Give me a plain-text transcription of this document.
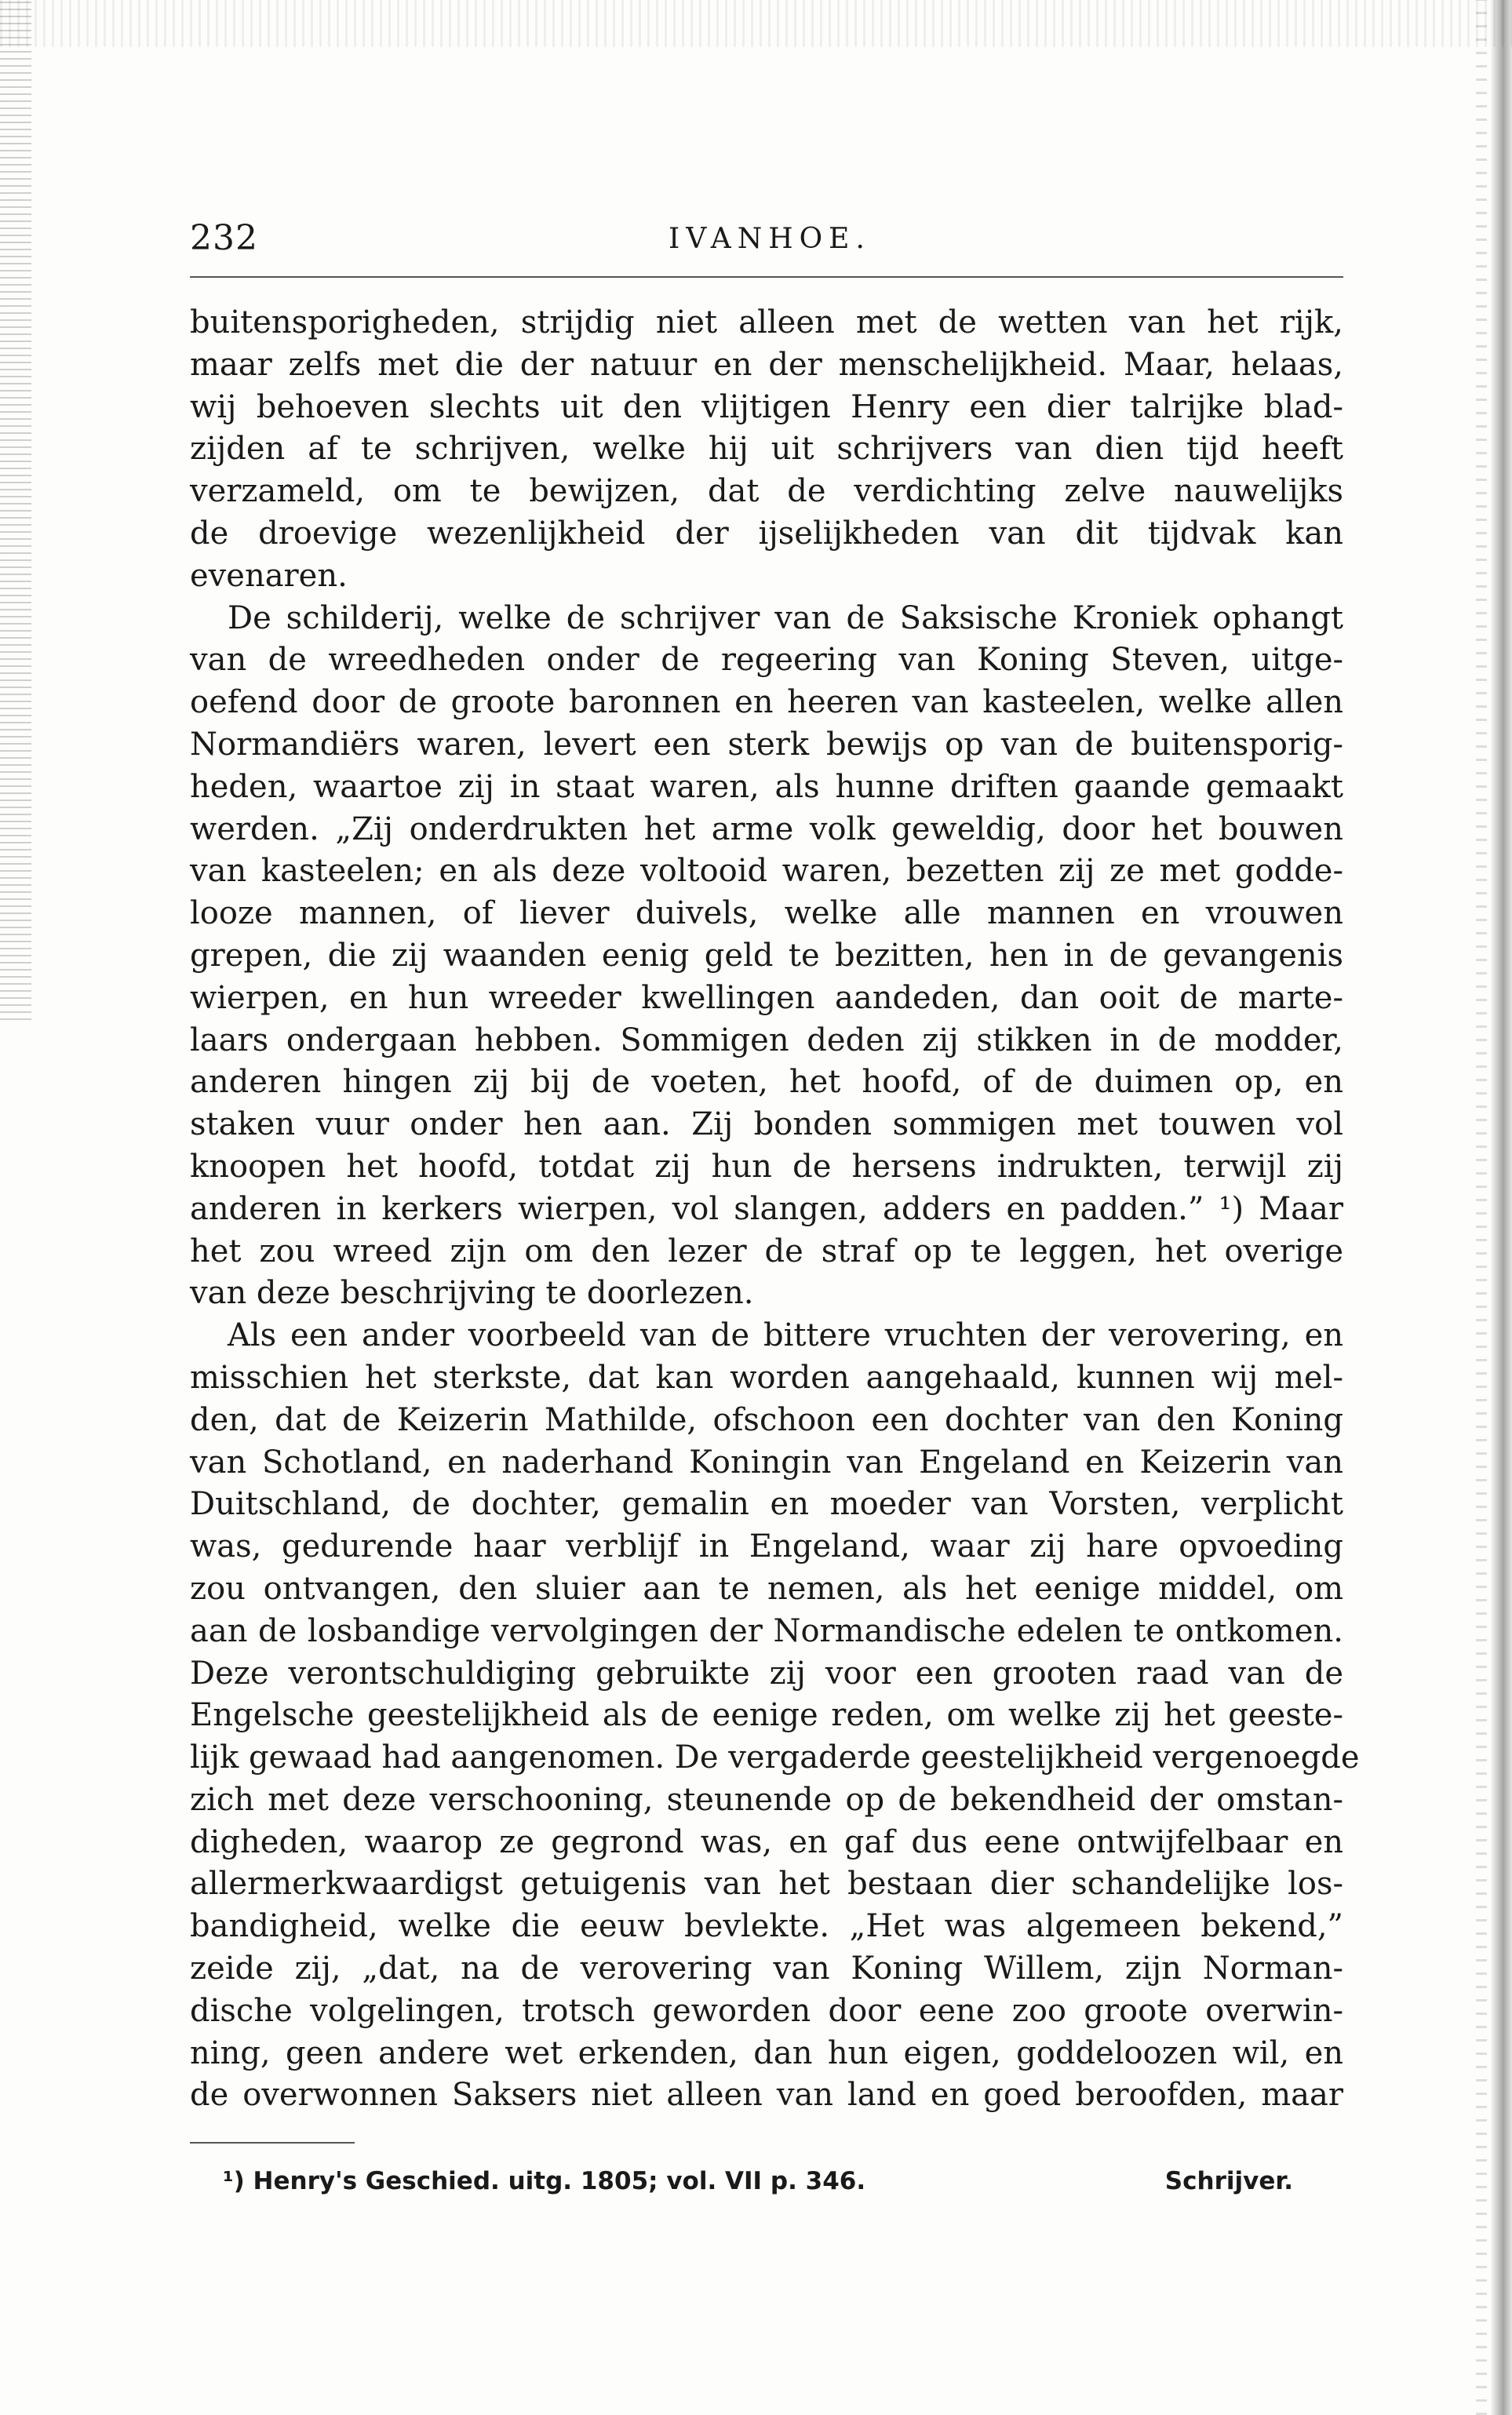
232	IVANHOE.
buitensporigheden, strijdig niet alleen met de wetten van het rijk,
maar zelfs met die der natuur en der menschelijkheid. Maar, helaas,
wij behoeven slechts uit den vlijtigen Henry een dier talrijke blad-
zijden af te schrijven, welke hij uit schrijvers van dien tijd heeft
verzameld, om te bewijzen, dat de verdichting zelve nauwelijks
de droevige wezenlijkheid der ijselijkheden van dit tijdvak kan
evenaren.
De schilderij, welke de schrijver van de Saksische Kroniek ophangt
van de wreedheden onder de regeering van Koning Steven, uitge-
oefend door de groote baronnen en heeren van kasteelen, welke allen
Normandiërs waren, levert een sterk bewijs op van de buitensporig-
heden, waartoe zij in staat waren, als hunne driften gaande gemaakt
werden. „Zij onderdrukten het arme volk geweldig, door het bouwen
van kasteelen; en als deze voltooid waren, bezetten zij ze met godde-
looze mannen, of liever duivels, welke alle mannen en vrouwen
grepen, die zij waanden eenig geld te bezitten, hen in de gevangenis
wierpen, en hun wreeder kwellingen aandeden, dan ooit de marte-
laars ondergaan hebben. Sommigen deden zij stikken in de modder,
anderen hingen zij bij de voeten, het hoofd, of de duimen op, en
staken vuur onder hen aan. Zij bonden sommigen met touwen vol
knoopen het hoofd, totdat zij hun de hersens indrukten, terwijl zij
anderen in kerkers wierpen, vol slangen, adders en padden.” ¹) Maar
het zou wreed zijn om den lezer de straf op te leggen, het overige
van deze beschrijving te doorlezen.
Als een ander voorbeeld van de bittere vruchten der verovering, en
misschien het sterkste, dat kan worden aangehaald, kunnen wij mel-
den, dat de Keizerin Mathilde, ofschoon een dochter van den Koning
van Schotland, en naderhand Koningin van Engeland en Keizerin van
Duitschland, de dochter, gemalin en moeder van Vorsten, verplicht
was, gedurende haar verblijf in Engeland, waar zij hare opvoeding
zou ontvangen, den sluier aan te nemen, als het eenige middel, om
aan de losbandige vervolgingen der Normandische edelen te ontkomen.
Deze verontschuldiging gebruikte zij voor een grooten raad van de
Engelsche geestelijkheid als de eenige reden, om welke zij het geeste-
lijk gewaad had aangenomen. De vergaderde geestelijkheid vergenoegde
zich met deze verschooning, steunende op de bekendheid der omstan-
digheden, waarop ze gegrond was, en gaf dus eene ontwijfelbaar en
allermerkwaardigst getuigenis van het bestaan dier schandelijke los-
bandigheid, welke die eeuw bevlekte. „Het was algemeen bekend,”
zeide zij, „dat, na de verovering van Koning Willem, zijn Norman-
dische volgelingen, trotsch geworden door eene zoo groote overwin-
ning, geen andere wet erkenden, dan hun eigen, goddeloozen wil, en
de overwonnen Saksers niet alleen van land en goed beroofden, maar
¹) Henry's Geschied. uitg. 1805; vol. VII p. 346.	Schrijver.
